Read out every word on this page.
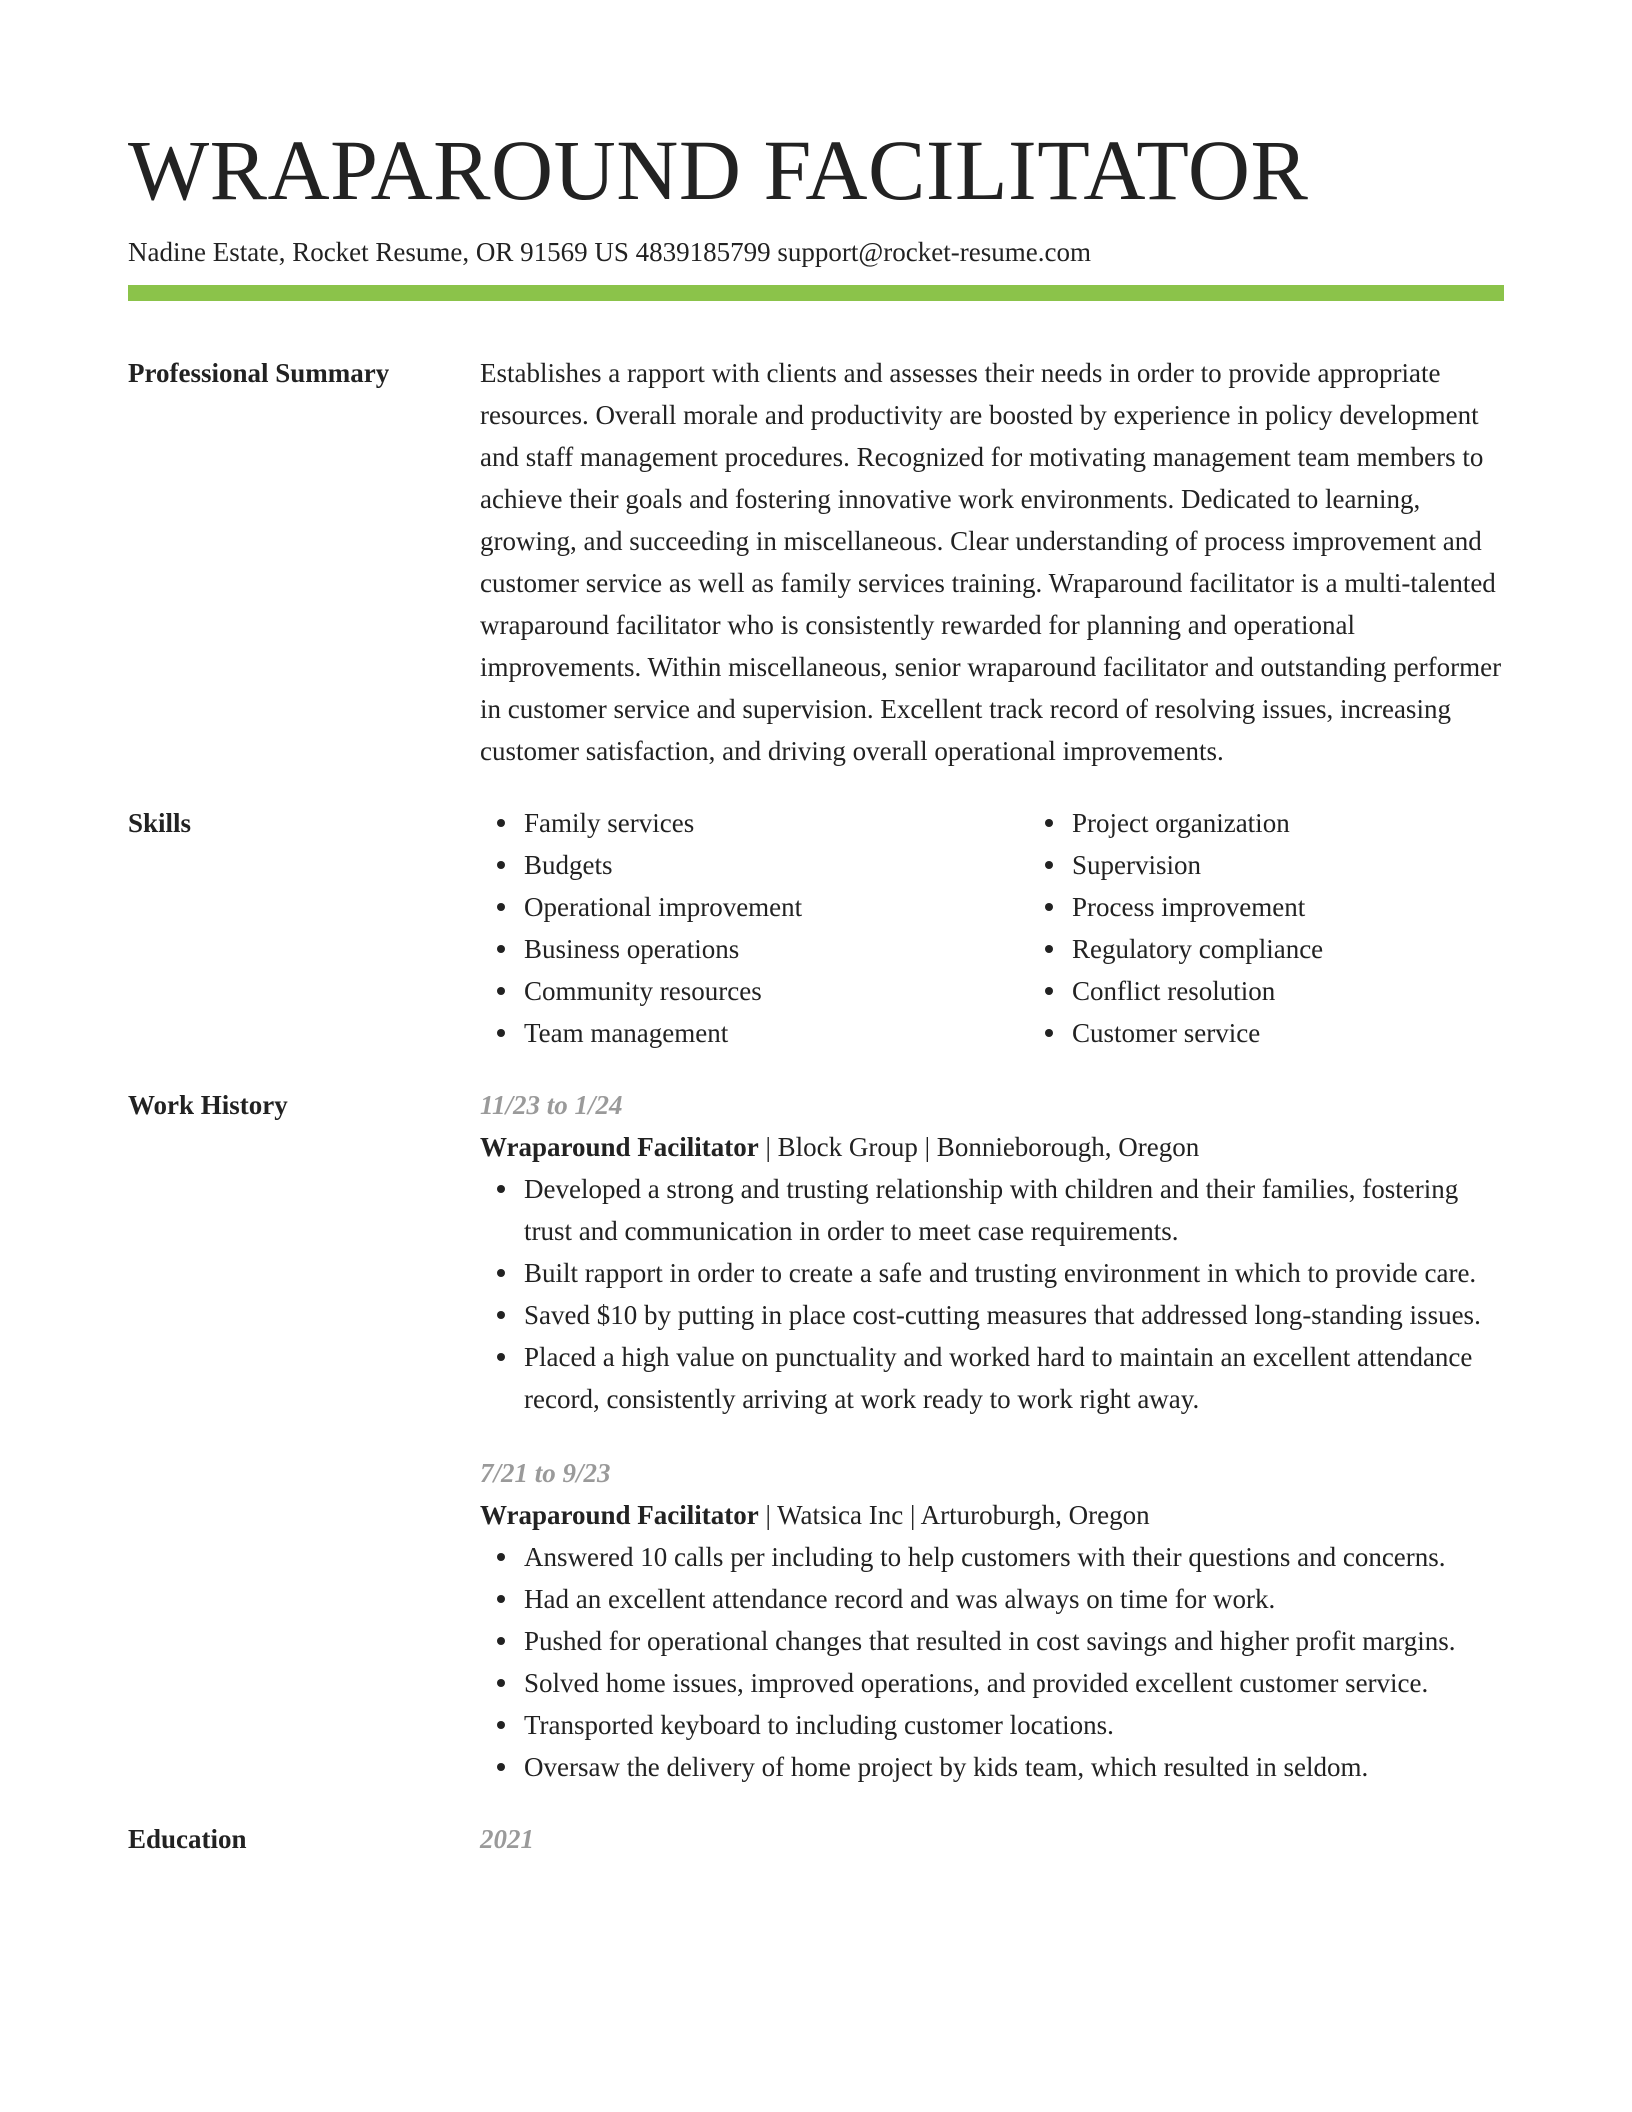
WRAPAROUND FACILITATOR
Nadine Estate, Rocket Resume, OR 91569 US 4839185799 support@rocket-resume.com
Professional Summary	Establishes a rapport with clients and assesses their needs in order to provide appropriate resources. Overall morale and productivity are boosted by experience in policy development and staff management procedures. Recognized for motivating management team members to achieve their goals and fostering innovative work environments. Dedicated to learning, growing, and succeeding in miscellaneous. Clear understanding of process improvement and customer service as well as family services training. Wraparound facilitator is a multi-talented wraparound facilitator who is consistently rewarded for planning and operational improvements. Within miscellaneous, senior wraparound facilitator and outstanding performer in customer service and supervision. Excellent track record of resolving issues, increasing customer satisfaction, and driving overall operational improvements.
Skills	Family services
Budgets
Operational improvement
Business operations
Community resources
Team management
Project organization
Supervision
Process improvement
Regulatory compliance
Conflict resolution
Customer service
Work History	11/23 to 1/24
Wraparound Facilitator | Block Group | Bonnieborough, Oregon
Developed a strong and trusting relationship with children and their families, fostering trust and communication in order to meet case requirements.
Built rapport in order to create a safe and trusting environment in which to provide care.
Saved $10 by putting in place cost-cutting measures that addressed long-standing issues.
Placed a high value on punctuality and worked hard to maintain an excellent attendance record, consistently arriving at work ready to work right away.
7/21 to 9/23
Wraparound Facilitator | Watsica Inc | Arturoburgh, Oregon
Answered 10 calls per including to help customers with their questions and concerns.
Had an excellent attendance record and was always on time for work.
Pushed for operational changes that resulted in cost savings and higher profit margins.
Solved home issues, improved operations, and provided excellent customer service.
Transported keyboard to including customer locations.
Oversaw the delivery of home project by kids team, which resulted in seldom.
Education	2021
